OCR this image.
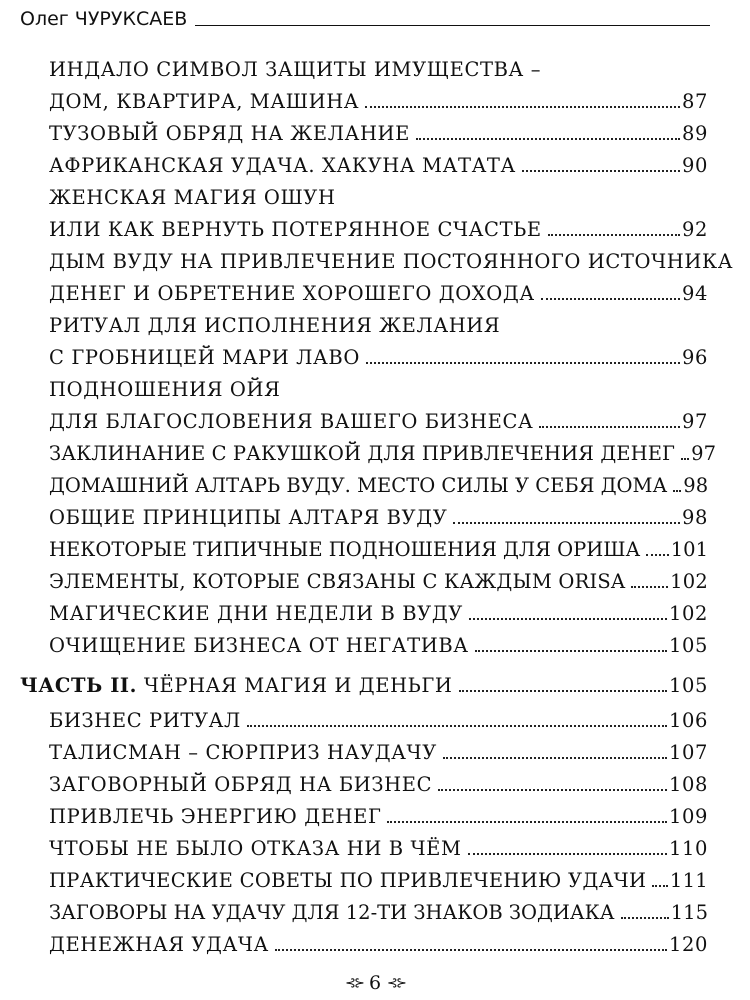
Олег ЧУРУКСАЕВ
ИНДАЛО СИМВОЛ ЗАЩИТЫ ИМУЩЕСТВА –
ДОМ, КВАРТИРА, МАШИНА	87
ТУЗОВЫЙ ОБРЯД НА ЖЕЛАНИЕ	89
АФРИКАНСКАЯ УДАЧА. ХАКУНА МАТАТА	90
ЖЕНСКАЯ МАГИЯ ОШУН
ИЛИ КАК ВЕРНУТЬ ПОТЕРЯННОЕ СЧАСТЬЕ	92
ДЫМ ВУДУ НА ПРИВЛЕЧЕНИЕ ПОСТОЯННОГО ИСТОЧНИКА
ДЕНЕГ И ОБРЕТЕНИЕ ХОРОШЕГО ДОХОДА	94
РИТУАЛ ДЛЯ ИСПОЛНЕНИЯ ЖЕЛАНИЯ
С ГРОБНИЦЕЙ МАРИ ЛАВО	96
ПОДНОШЕНИЯ ОЙЯ
ДЛЯ БЛАГОСЛОВЕНИЯ ВАШЕГО БИЗНЕСА	97
ЗАКЛИНАНИЕ С РАКУШКОЙ ДЛЯ ПРИВЛЕЧЕНИЯ ДЕНЕГ 97
ДОМАШНИЙ АЛТАРЬ ВУДУ. МЕСТО СИЛЫ У СЕБЯ ДОМА 98
ОБЩИЕ ПРИНЦИПЫ АЛТАРЯ ВУДУ	98
НЕКОТОРЫЕ ТИПИЧНЫЕ ПОДНОШЕНИЯ ДЛЯ ОРИША 101
ЭЛЕМЕНТЫ, КОТОРЫЕ СВЯЗАНЫ С КАЖДЫМ ORISA 102
МАГИЧЕСКИЕ ДНИ НЕДЕЛИ В ВУДУ	102
ОЧИЩЕНИЕ БИЗНЕСА ОТ НЕГАТИВА	105
ЧАСТЬ II. ЧЁРНАЯ МАГИЯ И ДЕНЬГИ	105
БИЗНЕС РИТУАЛ	106
ТАЛИСМАН – СЮРПРИЗ НАУДАЧУ	107
ЗАГОВОРНЫЙ ОБРЯД НА БИЗНЕС	108
ПРИВЛЕЧЬ ЭНЕРГИЮ ДЕНЕГ	109
ЧТОБЫ НЕ БЫЛО ОТКАЗА НИ В ЧЁМ	110
ПРАКТИЧЕСКИЕ СОВЕТЫ ПО ПРИВЛЕЧЕНИЮ УДАЧИ 111
ЗАГОВОРЫ НА УДАЧУ ДЛЯ 12-ТИ ЗНАКОВ ЗОДИАКА	115
ДЕНЕЖНАЯ УДАЧА	120
⊰⊱ 6 ⊰⊱
